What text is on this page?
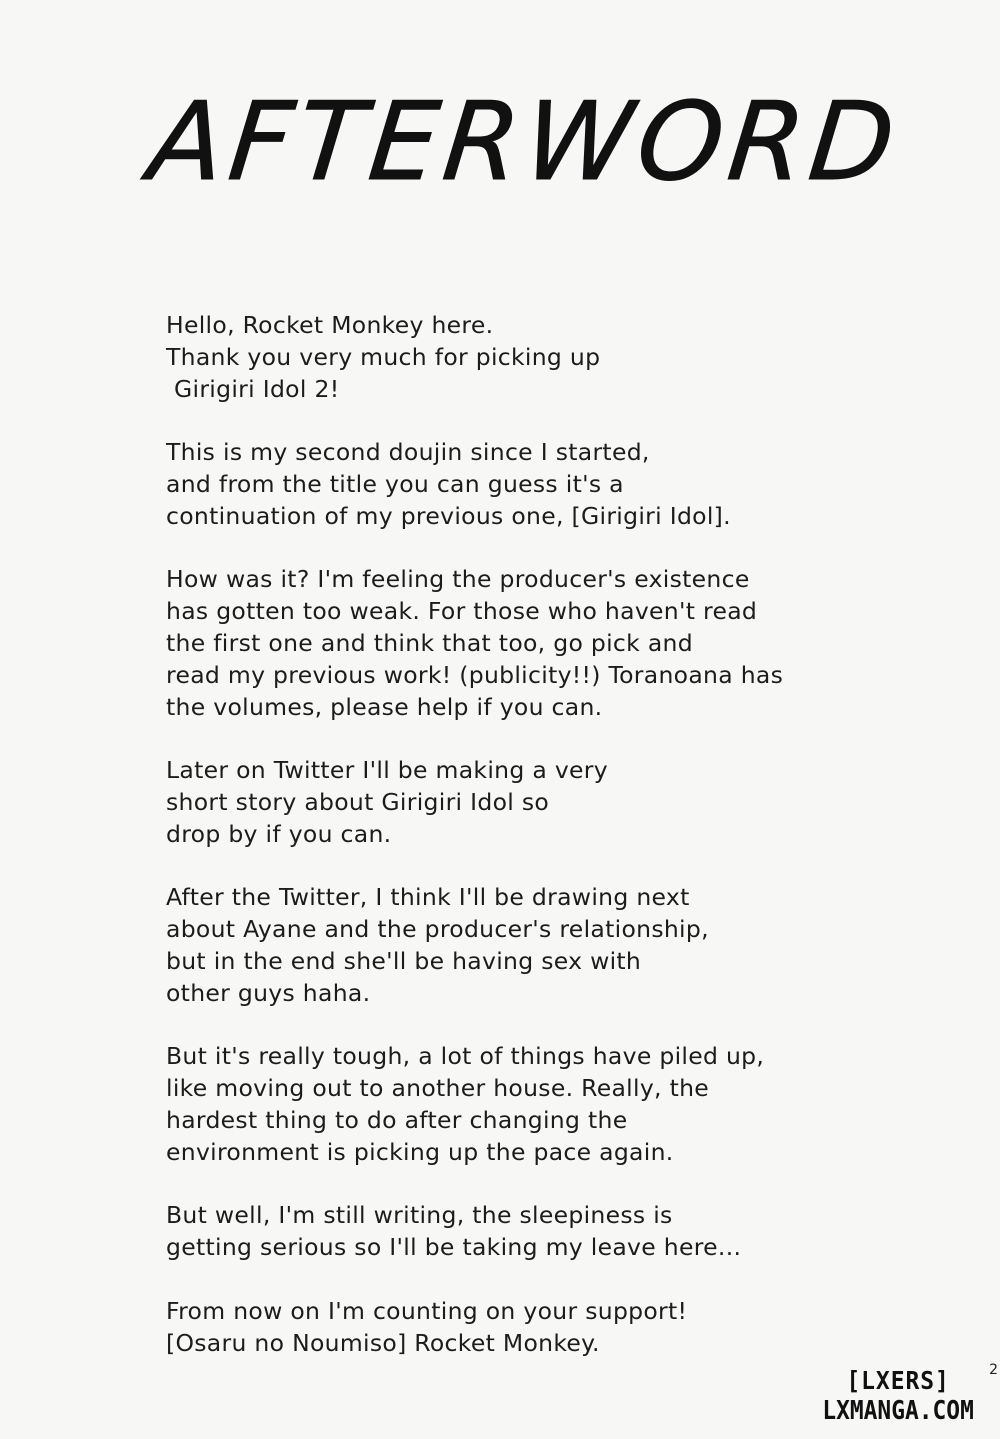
AFTERWORD

Hello, Rocket Monkey here.
Thank you very much for picking up
Girigiri Idol 2!

This is my second doujin since I started,
and from the title you can guess it's a
continuation of my previous one, [Girigiri Idol].

How was it? I'm feeling the producer's existence
has gotten too weak. For those who haven't read
the first one and think that too, go pick and
read my previous work! (publicity!!) Toranoana has
the volumes, please help if you can.

Later on Twitter I'll be making a very
short story about Girigiri Idol so
drop by if you can.

After the Twitter, I think I'll be drawing next
about Ayane and the producer's relationship,
but in the end she'll be having sex with
other guys haha.

But it's really tough, a lot of things have piled up,
like moving out to another house. Really, the
hardest thing to do after changing the
environment is picking up the pace again.

But well, I'm still writing, the sleepiness is
getting serious so I'll be taking my leave here...

From now on I'm counting on your support!
[Osaru no Noumiso] Rocket Monkey.

2
[LXERS]
LXMANGA.COM
